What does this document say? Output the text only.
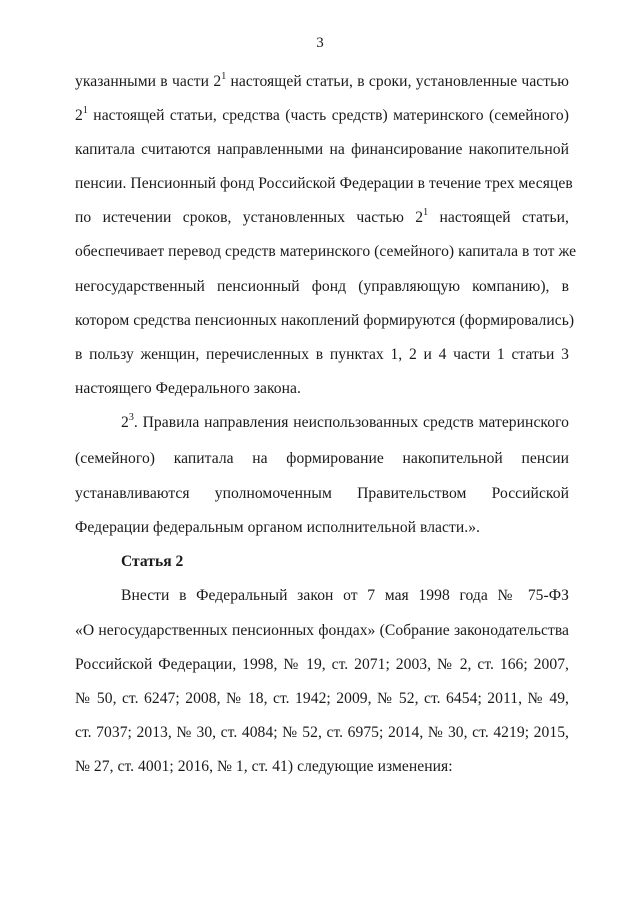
3
указанными в части $2^1$ настоящей статьи, в сроки, установленные частью
$2^1$ настоящей статьи, средства (часть средств) материнского (семейного)
капитала считаются направленными на финансирование накопительной
пенсии. Пенсионный фонд Российской Федерации в течение трех месяцев
по истечении сроков, установленных частью $2^1$ настоящей статьи,
обеспечивает перевод средств материнского (семейного) капитала в тот же
негосударственный пенсионный фонд (управляющую компанию), в
котором средства пенсионных накоплений формируются (формировались)
в пользу женщин, перечисленных в пунктах 1, 2 и 4 части 1 статьи 3
настоящего Федерального закона.
$2^3$. Правила направления неиспользованных средств материнского
(семейного) капитала на формирование накопительной пенсии
устанавливаются уполномоченным Правительством Российской
Федерации федеральным органом исполнительной власти.».
Статья 2
Внести в Федеральный закон от 7 мая 1998 года № 75-ФЗ
«О негосударственных пенсионных фондах» (Собрание законодательства
Российской Федерации, 1998, № 19, ст. 2071; 2003, № 2, ст. 166; 2007,
№ 50, ст. 6247; 2008, № 18, ст. 1942; 2009, № 52, ст. 6454; 2011, № 49,
ст. 7037; 2013, № 30, ст. 4084; № 52, ст. 6975; 2014, № 30, ст. 4219; 2015,
№ 27, ст. 4001; 2016, № 1, ст. 41) следующие изменения:
